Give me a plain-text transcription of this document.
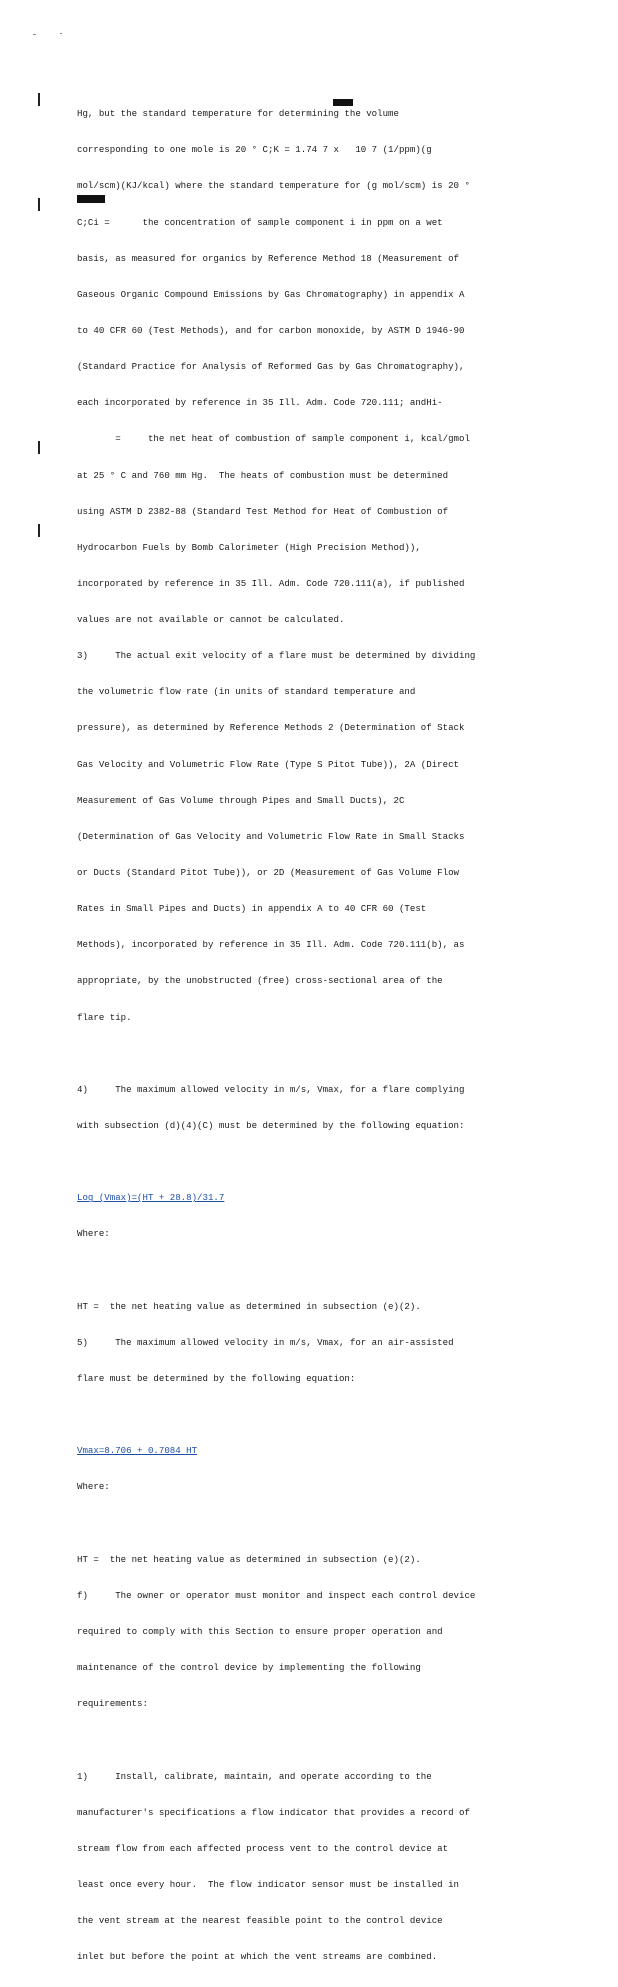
Hg, but the standard temperature for determining the volume

corresponding to one mole is 20 ° C;K = 1.74 7 x   10 7 (1/ppm)(g

mol/scm)(KJ/kcal) where the standard temperature for (g mol/scm) is 20 °

C;Ci =      the concentration of sample component i in ppm on a wet

basis, as measured for organics by Reference Method 18 (Measurement of

Gaseous Organic Compound Emissions by Gas Chromatography) in appendix A

to 40 CFR 60 (Test Methods), and for carbon monoxide, by ASTM D 1946-90

(Standard Practice for Analysis of Reformed Gas by Gas Chromatography),

each incorporated by reference in 35 Ill. Adm. Code 720.111; andHi-

=     the net heat of combustion of sample component i, kcal/gmol

at 25 ° C and 760 mm Hg.  The heats of combustion must be determined

using ASTM D 2382-88 (Standard Test Method for Heat of Combustion of

Hydrocarbon Fuels by Bomb Calorimeter (High Precision Method)),

incorporated by reference in 35 Ill. Adm. Code 720.111(a), if published

values are not available or cannot be calculated.

3)     The actual exit velocity of a flare must be determined by dividing

the volumetric flow rate (in units of standard temperature and

pressure), as determined by Reference Methods 2 (Determination of Stack

Gas Velocity and Volumetric Flow Rate (Type S Pitot Tube)), 2A (Direct

Measurement of Gas Volume through Pipes and Small Ducts), 2C

(Determination of Gas Velocity and Volumetric Flow Rate in Small Stacks

or Ducts (Standard Pitot Tube)), or 2D (Measurement of Gas Volume Flow

Rates in Small Pipes and Ducts) in appendix A to 40 CFR 60 (Test

Methods), incorporated by reference in 35 Ill. Adm. Code 720.111(b), as

appropriate, by the unobstructed (free) cross-sectional area of the

flare tip.

4)     The maximum allowed velocity in m/s, Vmax, for a flare complying

with subsection (d)(4)(C) must be determined by the following equation:

Log (Vmax)=(HT + 28.8)/31.7

Where:

HT =  the net heating value as determined in subsection (e)(2).

5)     The maximum allowed velocity in m/s, Vmax, for an air-assisted

flare must be determined by the following equation:

Vmax=8.706 + 0.7084 HT

Where:

HT =  the net heating value as determined in subsection (e)(2).

f)     The owner or operator must monitor and inspect each control device

required to comply with this Section to ensure proper operation and

maintenance of the control device by implementing the following

requirements:

1)     Install, calibrate, maintain, and operate according to the

manufacturer's specifications a flow indicator that provides a record of

stream flow from each affected process vent to the control device at

least once every hour.  The flow indicator sensor must be installed in

the vent stream at the nearest feasible point to the control device

inlet but before the point at which the vent streams are combined.
